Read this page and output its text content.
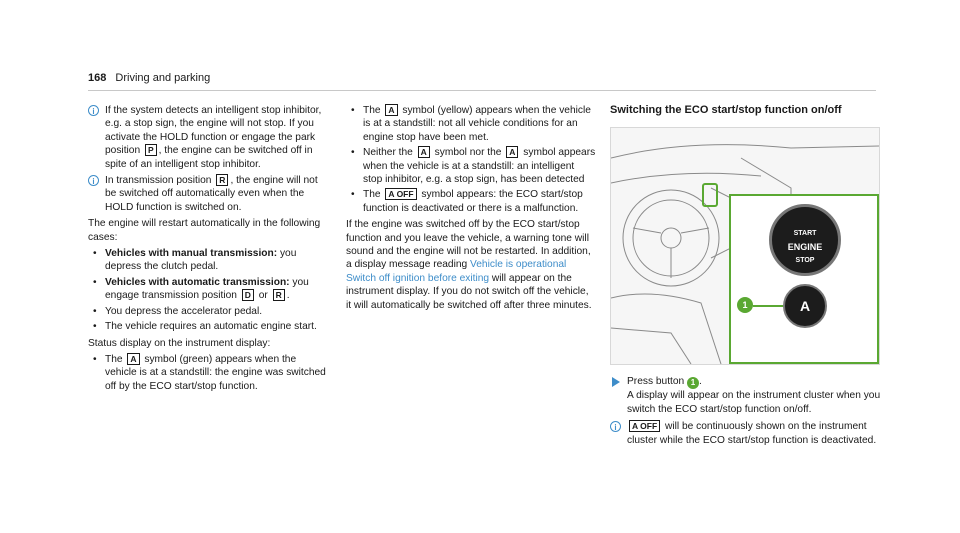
168 Driving and parking
i	If the system detects an intelligent stop inhibitor, e.g. a stop sign, the engine will not stop. If you activate the HOLD function or engage the park position P , the engine can be switched off in spite of an intelligent stop inhibitor.
i	In transmission position R , the engine will not be switched off automatically even when the HOLD function is switched on.

The engine will restart automatically in the following cases:

• Vehicles with manual transmission: you depress the clutch pedal.
• Vehicles with automatic transmission: you engage transmission position D or R .
• You depress the accelerator pedal.
• The vehicle requires an automatic engine start.

Status display on the instrument display:

• The A symbol (green) appears when the vehicle is at a standstill: the engine was switched off by the ECO start/stop function.
• The A symbol (yellow) appears when the vehicle is at a standstill: not all vehicle conditions for an engine stop have been met.
• Neither the A symbol nor the A symbol appears when the vehicle is at a standstill: an intelligent stop inhibitor, e.g. a stop sign, has been detected
• The A OFF symbol appears: the ECO start/stop function is deactivated or there is a malfunction.

If the engine was switched off by the ECO start/stop function and you leave the vehicle, a warning tone will sound and the engine will not be restarted. In addition, a display message reading Vehicle is operational Switch off ignition before exiting will appear on the instrument display. If you do not switch off the vehicle, it will automatically be switched off after three minutes.

Switching the ECO start/stop function on/off
START
ENGINE
STOP
A
1
Press button 1 .
A display will appear on the instrument cluster when you switch the ECO start/stop function on/off.
i	A OFF will be continuously shown on the instrument cluster while the ECO start/stop function is deactivated.
